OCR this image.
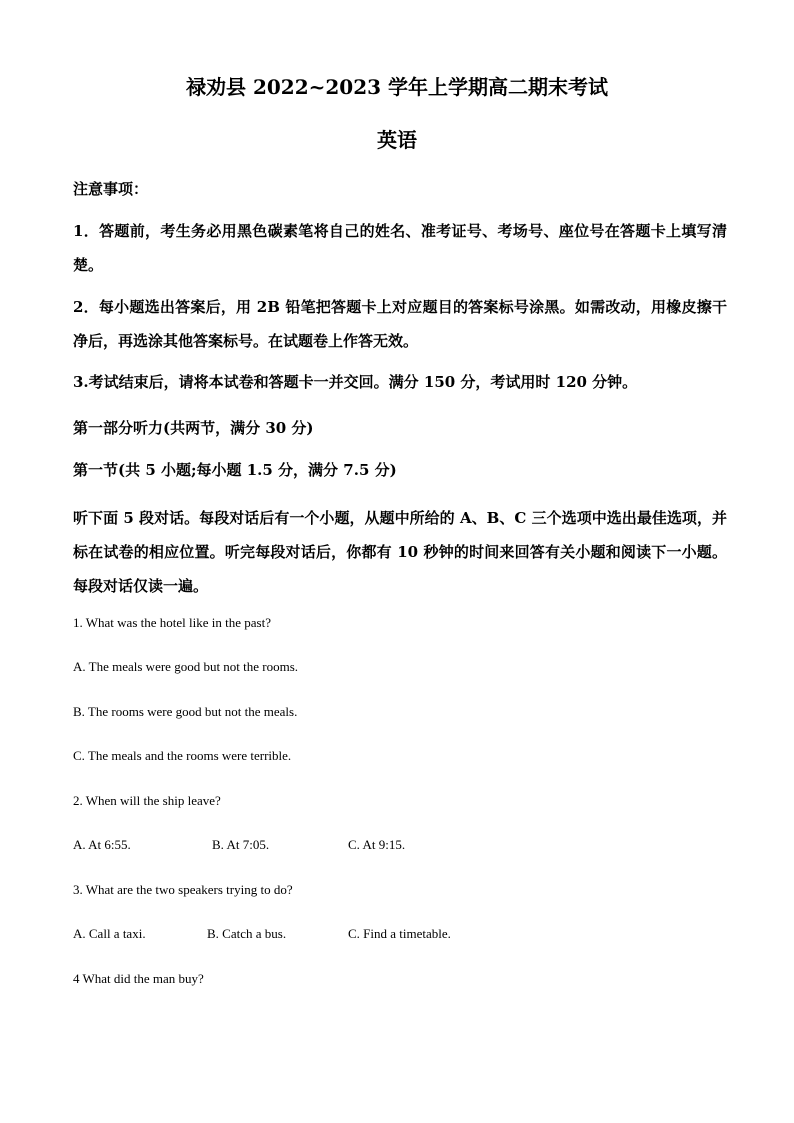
禄劝县 2022~2023 学年上学期高二期末考试
英语
注意事项：
1．答题前，考生务必用黑色碳素笔将自己的姓名、准考证号、考场号、座位号在答题卡上填写清楚。
2．每小题选出答案后，用 2B 铅笔把答题卡上对应题目的答案标号涂黑。如需改动，用橡皮擦干净后，再选涂其他答案标号。在试题卷上作答无效。
3.考试结束后，请将本试卷和答题卡一并交回。满分 150 分，考试用时 120 分钟。
第一部分听力(共两节，满分 30 分)
第一节(共 5 小题;每小题 1.5 分，满分 7.5 分)
听下面 5 段对话。每段对话后有一个小题，从题中所给的 A、B、C 三个选项中选出最佳选项，并标在试卷的相应位置。听完每段对话后，你都有 10 秒钟的时间来回答有关小题和阅读下一小题。每段对话仅读一遍。
1. What was the hotel like in the past?
A. The meals were good but not the rooms.
B. The rooms were good but not the meals.
C. The meals and the rooms were terrible.
2. When will the ship leave?
A. At 6:55.	B. At 7:05.	C. At 9:15.
3. What are the two speakers trying to do?
A. Call a taxi.	B. Catch a bus.	C. Find a timetable.
4 What did the man buy?
